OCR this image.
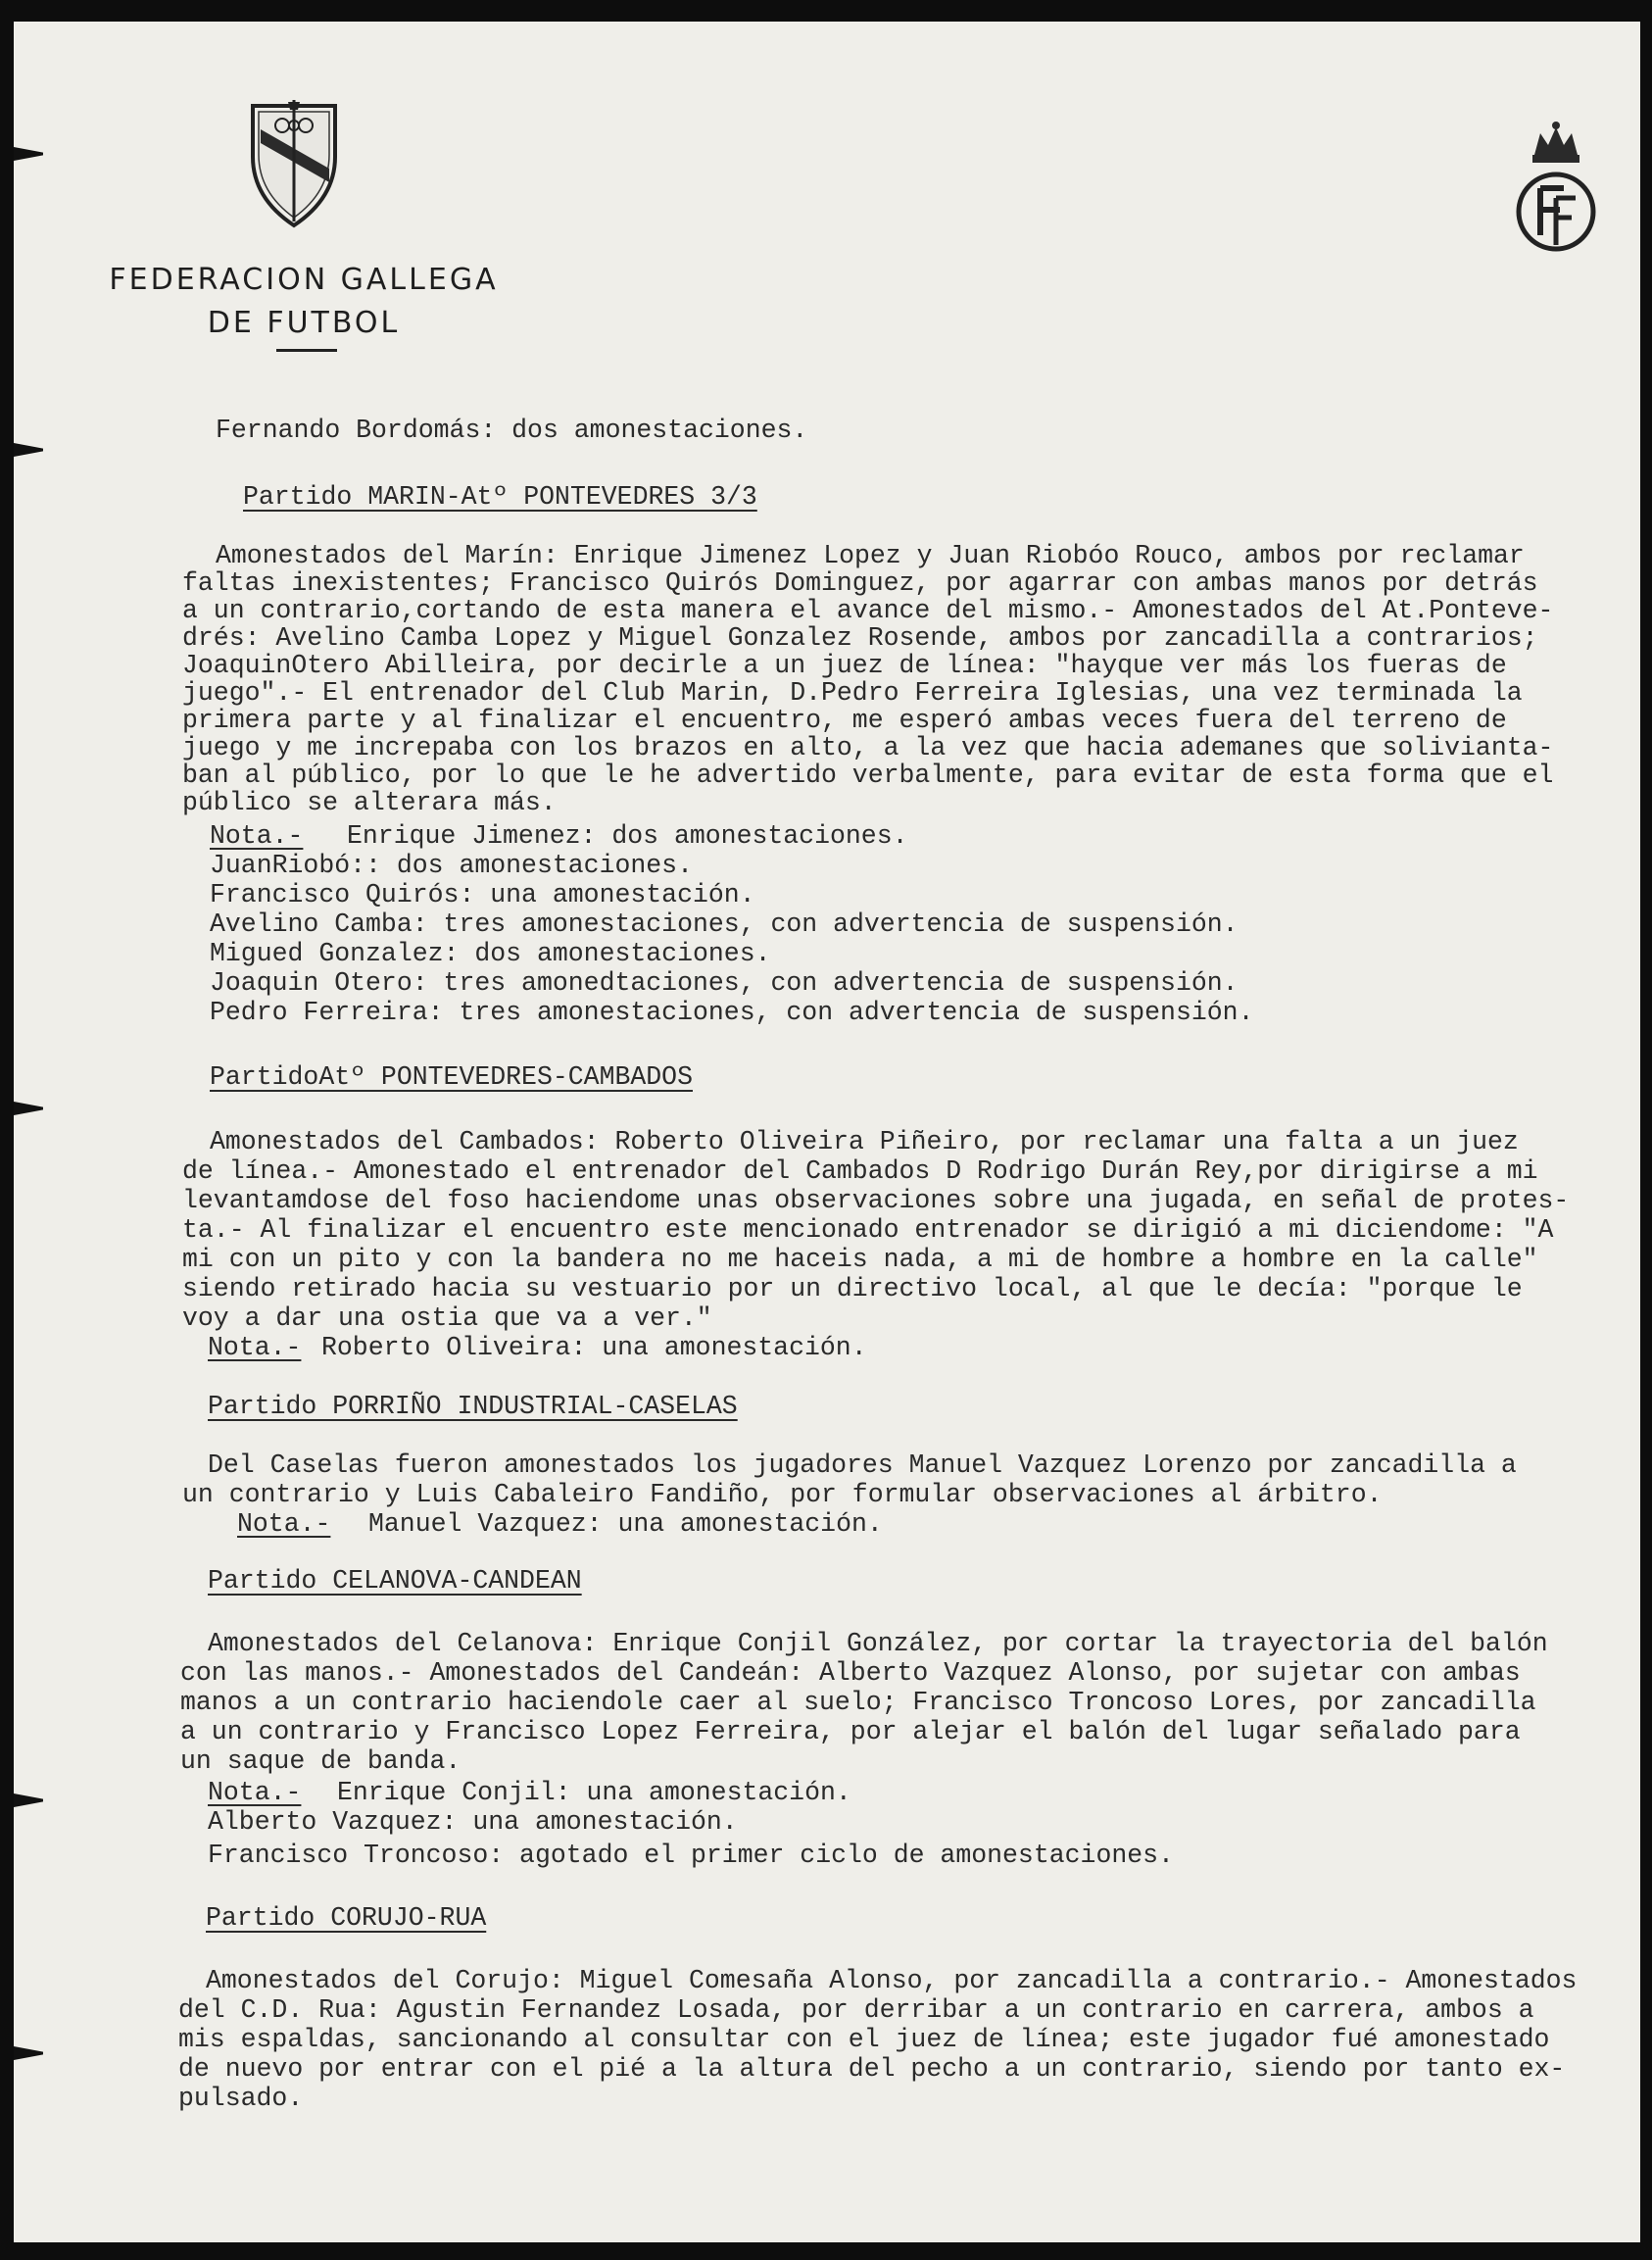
FEDERACION GALLEGA
DE FUTBOL
Fernando Bordomás: dos amonestaciones.
Partido MARIN-Atº PONTEVEDRES 3/3
Amonestados del Marín: Enrique Jimenez Lopez y Juan Riobóo Rouco, ambos por reclamar
faltas inexistentes; Francisco Quirós Dominguez, por agarrar con ambas manos por detrás
a un contrario,cortando de esta manera el avance del mismo.- Amonestados del At.Ponteve-
drés: Avelino Camba Lopez y Miguel Gonzalez Rosende, ambos por zancadilla a contrarios;
JoaquinOtero Abilleira, por decirle a un juez de línea: "hayque ver más los fueras de
juego".- El entrenador del Club Marin, D.Pedro Ferreira Iglesias, una vez terminada la
primera parte y al finalizar el encuentro, me esperó ambas veces fuera del terreno de
juego y me increpaba con los brazos en alto, a la vez que hacia ademanes que solivianta-
ban al público, por lo que le he advertido verbalmente, para evitar de esta forma que el
público se alterara más.
Nota.- Enrique Jimenez: dos amonestaciones.
JuanRiobó:: dos amonestaciones.
Francisco Quirós: una amonestación.
Avelino Camba: tres amonestaciones, con advertencia de suspensión.
Migued Gonzalez: dos amonestaciones.
Joaquin Otero: tres amonedtaciones, con advertencia de suspensión.
Pedro Ferreira: tres amonestaciones, con advertencia de suspensión.
PartidoAtº PONTEVEDRES-CAMBADOS
Amonestados del Cambados: Roberto Oliveira Piñeiro, por reclamar una falta a un juez
de línea.- Amonestado el entrenador del Cambados D Rodrigo Durán Rey,por dirigirse a mi
levantamdose del foso haciendome unas observaciones sobre una jugada, en señal de protes-
ta.- Al finalizar el encuentro este mencionado entrenador se dirigió a mi diciendome: "A
mi con un pito y con la bandera no me haceis nada, a mi de hombre a hombre en la calle"
siendo retirado hacia su vestuario por un directivo local, al que le decía: "porque le
voy a dar una ostia que va a ver."
Nota.- Roberto Oliveira: una amonestación.
Partido PORRIÑO INDUSTRIAL-CASELAS
Del Caselas fueron amonestados los jugadores Manuel Vazquez Lorenzo por zancadilla a
un contrario y Luis Cabaleiro Fandiño, por formular observaciones al árbitro.
Nota.- Manuel Vazquez: una amonestación.
Partido CELANOVA-CANDEAN
Amonestados del Celanova: Enrique Conjil González, por cortar la trayectoria del balón
con las manos.- Amonestados del Candeán: Alberto Vazquez Alonso, por sujetar con ambas
manos a un contrario haciendole caer al suelo; Francisco Troncoso Lores, por zancadilla
a un contrario y Francisco Lopez Ferreira, por alejar el balón del lugar señalado para
un saque de banda.
Nota.- Enrique Conjil: una amonestación.
Alberto Vazquez: una amonestación.
Francisco Troncoso: agotado el primer ciclo de amonestaciones.
Partido CORUJO-RUA
Amonestados del Corujo: Miguel Comesaña Alonso, por zancadilla a contrario.- Amonestados
del C.D. Rua: Agustin Fernandez Losada, por derribar a un contrario en carrera, ambos a
mis espaldas, sancionando al consultar con el juez de línea; este jugador fué amonestado
de nuevo por entrar con el pié a la altura del pecho a un contrario, siendo por tanto ex-
pulsado.
